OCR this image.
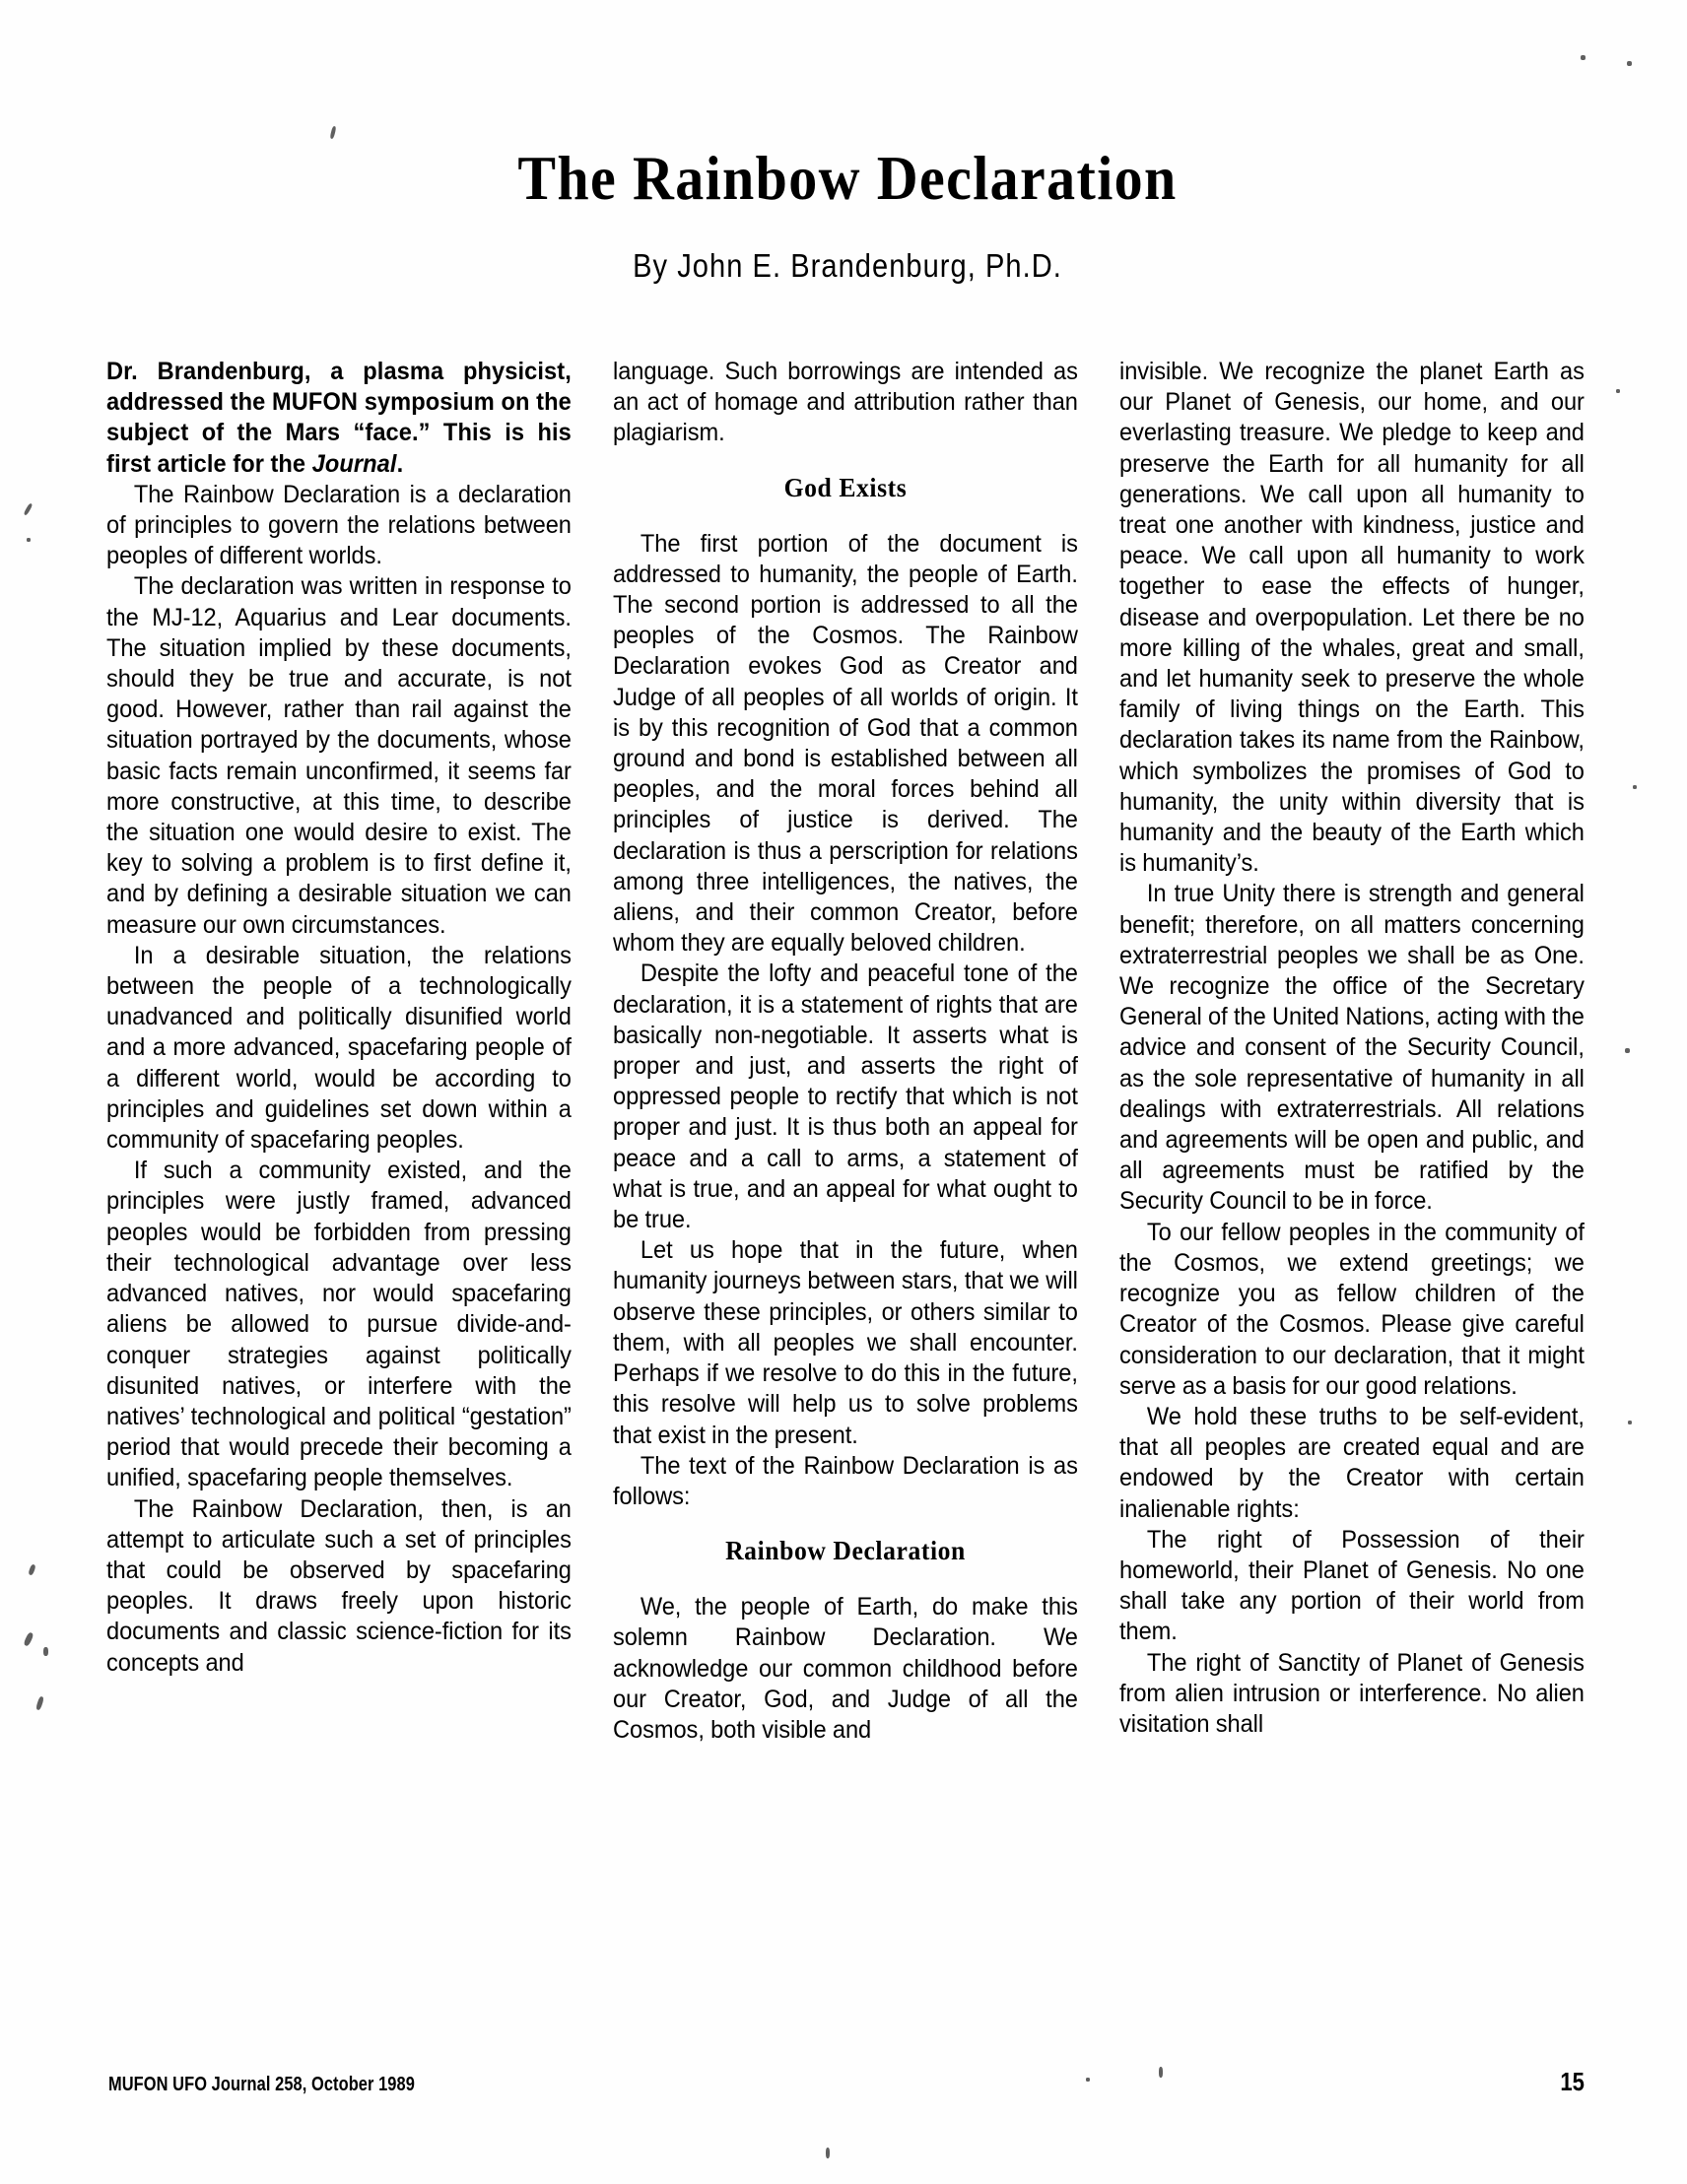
The Rainbow Declaration
By John E. Brandenburg, Ph.D.

Dr. Brandenburg, a plasma physicist, addressed the MUFON symposium on the subject of the Mars “face.” This is his first article for the Journal.

The Rainbow Declaration is a declaration of principles to govern the relations between peoples of different worlds.

The declaration was written in response to the MJ-12, Aquarius and Lear documents. The situation implied by these documents, should they be true and accurate, is not good. However, rather than rail against the situation portrayed by the documents, whose basic facts remain unconfirmed, it seems far more constructive, at this time, to describe the situation one would desire to exist. The key to solving a problem is to first define it, and by defining a desirable situation we can measure our own circumstances.

In a desirable situation, the relations between the people of a technologically unadvanced and politically disunified world and a more advanced, spacefaring people of a different world, would be according to principles and guidelines set down within a community of spacefaring peoples.

If such a community existed, and the principles were justly framed, advanced peoples would be forbidden from pressing their technological advantage over less advanced natives, nor would spacefaring aliens be allowed to pursue divide-and-conquer strategies against politically disunited natives, or interfere with the natives’ technological and political “gestation” period that would precede their becoming a unified, spacefaring people themselves.

The Rainbow Declaration, then, is an attempt to articulate such a set of principles that could be observed by spacefaring peoples. It draws freely upon historic documents and classic science-fiction for its concepts and

language. Such borrowings are intended as an act of homage and attribution rather than plagiarism.

God Exists

The first portion of the document is addressed to humanity, the people of Earth. The second portion is addressed to all the peoples of the Cosmos. The Rainbow Declaration evokes God as Creator and Judge of all peoples of all worlds of origin. It is by this recognition of God that a common ground and bond is established between all peoples, and the moral forces behind all principles of justice is derived. The declaration is thus a perscription for relations among three intelligences, the natives, the aliens, and their common Creator, before whom they are equally beloved children.

Despite the lofty and peaceful tone of the declaration, it is a statement of rights that are basically non-negotiable. It asserts what is proper and just, and asserts the right of oppressed people to rectify that which is not proper and just. It is thus both an appeal for peace and a call to arms, a statement of what is true, and an appeal for what ought to be true.

Let us hope that in the future, when humanity journeys between stars, that we will observe these principles, or others similar to them, with all peoples we shall encounter. Perhaps if we resolve to do this in the future, this resolve will help us to solve problems that exist in the present.

The text of the Rainbow Declaration is as follows:

Rainbow Declaration

We, the people of Earth, do make this solemn Rainbow Declaration. We acknowledge our common childhood before our Creator, God, and Judge of all the Cosmos, both visible and

invisible. We recognize the planet Earth as our Planet of Genesis, our home, and our everlasting treasure. We pledge to keep and preserve the Earth for all humanity for all generations. We call upon all humanity to treat one another with kindness, justice and peace. We call upon all humanity to work together to ease the effects of hunger, disease and overpopulation. Let there be no more killing of the whales, great and small, and let humanity seek to preserve the whole family of living things on the Earth. This declaration takes its name from the Rainbow, which symbolizes the promises of God to humanity, the unity within diversity that is humanity and the beauty of the Earth which is humanity’s.

In true Unity there is strength and general benefit; therefore, on all matters concerning extraterrestrial peoples we shall be as One. We recognize the office of the Secretary General of the United Nations, acting with the advice and consent of the Security Council, as the sole representative of humanity in all dealings with extraterrestrials. All relations and agreements will be open and public, and all agreements must be ratified by the Security Council to be in force.

To our fellow peoples in the community of the Cosmos, we extend greetings; we recognize you as fellow children of the Creator of the Cosmos. Please give careful consideration to our declaration, that it might serve as a basis for our good relations.

We hold these truths to be self-evident, that all peoples are created equal and are endowed by the Creator with certain inalienable rights:

The right of Possession of their homeworld, their Planet of Genesis. No one shall take any portion of their world from them.

The right of Sanctity of Planet of Genesis from alien intrusion or interference. No alien visitation shall

MUFON UFO Journal 258, October 1989	15
